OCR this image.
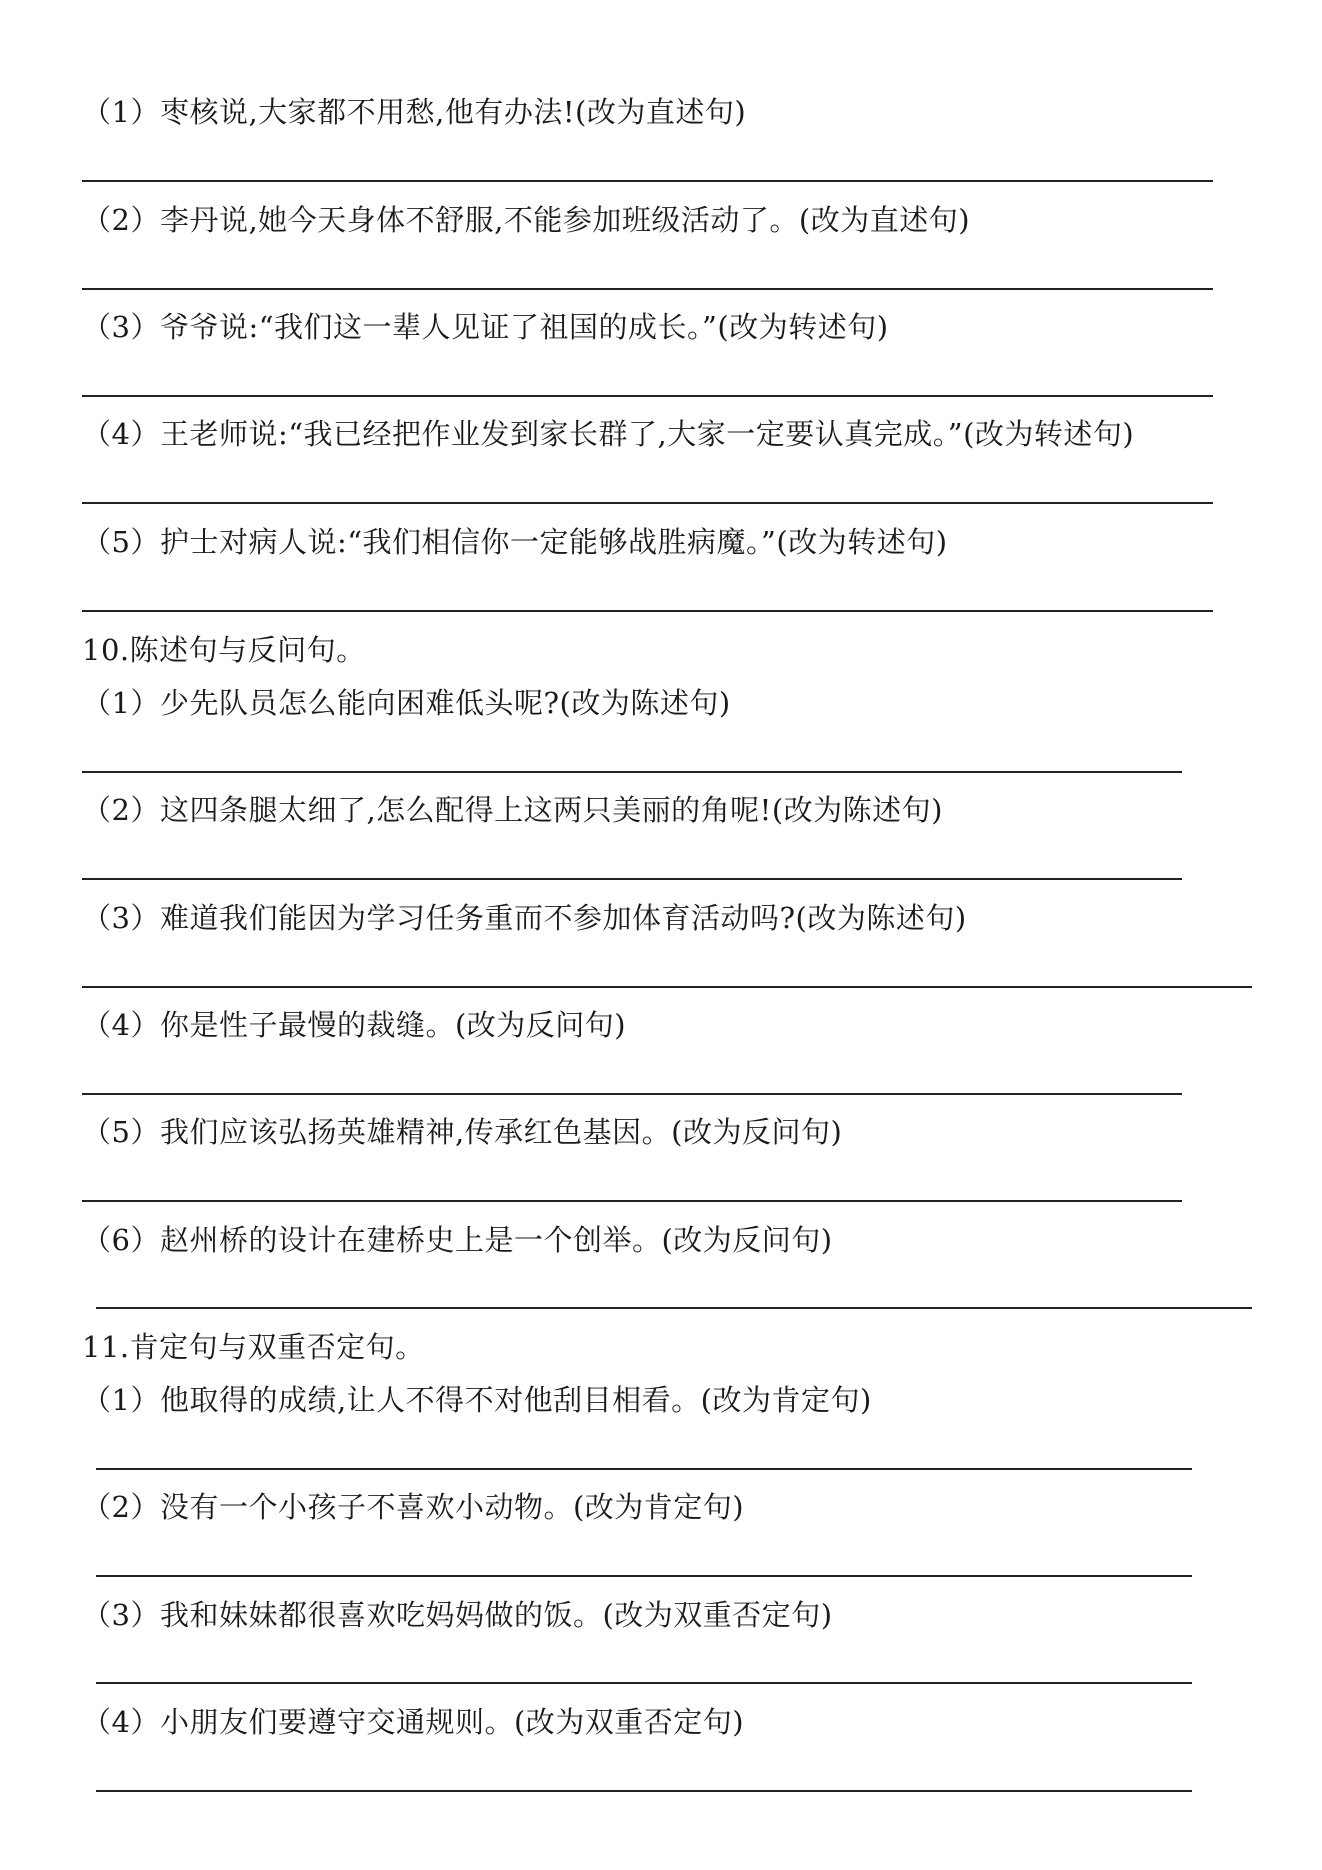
（1）枣核说,大家都不用愁,他有办法!(改为直述句)
（2）李丹说,她今天身体不舒服,不能参加班级活动了。(改为直述句)
（3）爷爷说:“我们这一辈人见证了祖国的成长。”(改为转述句)
（4）王老师说:“我已经把作业发到家长群了,大家一定要认真完成。”(改为转述句)
（5）护士对病人说:“我们相信你一定能够战胜病魔。”(改为转述句)
10.陈述句与反问句。
（1）少先队员怎么能向困难低头呢?(改为陈述句)
（2）这四条腿太细了,怎么配得上这两只美丽的角呢!(改为陈述句)
（3）难道我们能因为学习任务重而不参加体育活动吗?(改为陈述句)
（4）你是性子最慢的裁缝。(改为反问句)
（5）我们应该弘扬英雄精神,传承红色基因。(改为反问句)
（6）赵州桥的设计在建桥史上是一个创举。(改为反问句)
11.肯定句与双重否定句。
（1）他取得的成绩,让人不得不对他刮目相看。(改为肯定句)
（2）没有一个小孩子不喜欢小动物。(改为肯定句)
（3）我和妹妹都很喜欢吃妈妈做的饭。(改为双重否定句)
（4）小朋友们要遵守交通规则。(改为双重否定句)
